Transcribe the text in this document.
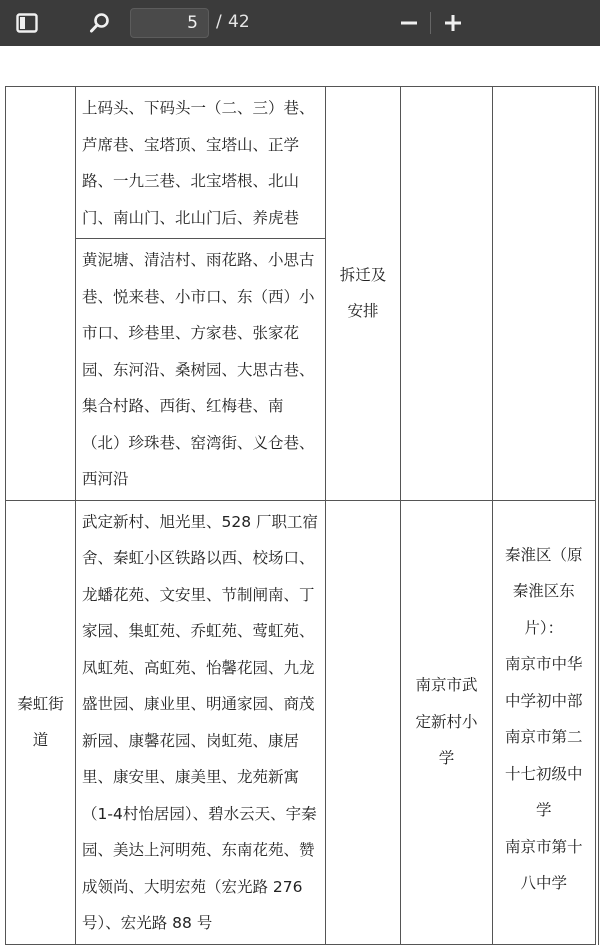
5
/ 42
	上码头、下码头一（二、三）巷、芦席巷、宝塔顶、宝塔山、正学路、一九三巷、北宝塔根、北山门、南山门、北山门后、养虎巷	拆迁及安排		
	黄泥塘、清洁村、雨花路、小思古巷、悦来巷、小市口、东（西）小市口、珍巷里、方家巷、张家花园、东河沿、桑树园、大思古巷、集合村路、西街、红梅巷、南（北）珍珠巷、窑湾街、义仓巷、西河沿			
秦虹街道	武定新村、旭光里、528 厂职工宿舍、秦虹小区铁路以西、校场口、龙蟠花苑、文安里、节制闸南、丁家园、集虹苑、乔虹苑、莺虹苑、凤虹苑、高虹苑、怡馨花园、九龙盛世园、康业里、明通家园、商茂新园、康馨花园、岗虹苑、康居里、康安里、康美里、龙苑新寓（1-4村怡居园）、碧水云天、宇秦园、美达上河明苑、东南花苑、赞成领尚、大明宏苑（宏光路 276 号）、宏光路 88 号		南京市武定新村小学	秦淮区（原秦淮区东片）：
南京市中华中学初中部
南京市第二十七初级中学
南京市第十八中学
